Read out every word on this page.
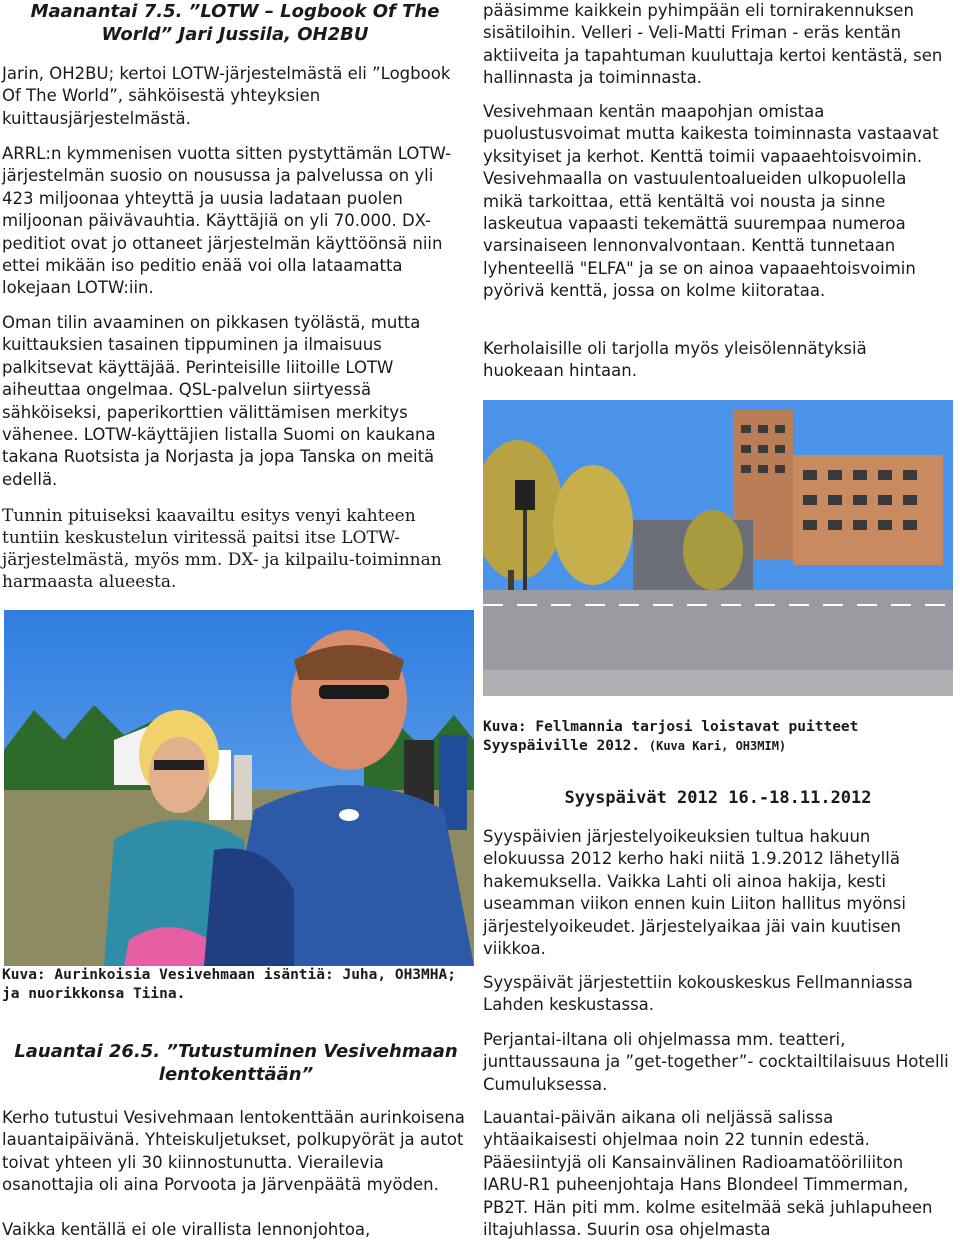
Maanantai 7.5. ”LOTW – Logbook Of The World” Jari Jussila, OH2BU

Jarin, OH2BU; kertoi LOTW-järjestelmästä eli ”Logbook Of The World”, sähköisestä yhteyksien kuittausjärjestelmästä.

ARRL:n kymmenisen vuotta sitten pystyttämän LOTW-järjestelmän suosio on nousussa ja palvelussa on yli 423 miljoonaa yhteyttä ja uusia ladataan puolen miljoonan päivävauhtia. Käyttäjiä on yli 70.000. DX-peditiot ovat jo ottaneet järjestelmän käyttöönsä niin ettei mikään iso peditio enää voi olla lataamatta lokejaan LOTW:iin.

Oman tilin avaaminen on pikkasen työlästä, mutta kuittauksien tasainen tippuminen ja ilmaisuus palkitsevat käyttäjää. Perinteisille liitoille LOTW aiheuttaa ongelmaa. QSL-palvelun siirtyessä sähköiseksi, paperikorttien välittämisen merkitys vähenee. LOTW-käyttäjien listalla Suomi on kaukana takana Ruotsista ja Norjasta ja jopa Tanska on meitä edellä.

Tunnin pituiseksi kaavailtu esitys venyi kahteen tuntiin keskustelun viritessä paitsi itse LOTW-järjestelmästä, myös mm. DX- ja kilpailu-toiminnan harmaasta alueesta.

Kuva: Aurinkoisia Vesivehmaan isäntiä: Juha, OH3MHA; ja nuorikkonsa Tiina.

Lauantai 26.5. ”Tutustuminen Vesivehmaan lentokenttään”

Kerho tutustui Vesivehmaan lentokenttään aurinkoisena lauantaipäivänä. Yhteiskuljetukset, polkupyörät ja autot toivat yhteen yli 30 kiinnostunutta. Vierailevia osanottajia oli aina Porvoota ja Järvenpäätä myöden.

Vaikka kentällä ei ole virallista lennonjohtoa,

pääsimme kaikkein pyhimpään eli tornirakennuksen sisätiloihin. Velleri - Veli-Matti Friman - eräs kentän aktiiveita ja tapahtuman kuuluttaja kertoi kentästä, sen hallinnasta ja toiminnasta.

Vesivehmaan kentän maapohjan omistaa puolustusvoimat mutta kaikesta toiminnasta vastaavat yksityiset ja kerhot. Kenttä toimii vapaaehtoisvoimin. Vesivehmaalla on vastuulentoalueiden ulkopuolella mikä tarkoittaa, että kentältä voi nousta ja sinne laskeutua vapaasti tekemättä suurempaa numeroa varsinaiseen lennonvalvontaan. Kenttä tunnetaan lyhenteellä "ELFA" ja se on ainoa vapaaehtoisvoimin pyörivä kenttä, jossa on kolme kiitorataa.

Kerholaisille oli tarjolla myös yleisölennätyksiä huokeaan hintaan.

Kuva: Fellmannia tarjosi loistavat puitteet Syyspäiville 2012. (Kuva Kari, OH3MIM)

Syyspäivät 2012 16.-18.11.2012

Syyspäivien järjestelyoikeuksien tultua hakuun elokuussa 2012 kerho haki niitä 1.9.2012 lähetyllä hakemuksella. Vaikka Lahti oli ainoa hakija, kesti useamman viikon ennen kuin Liiton hallitus myönsi järjestelyoikeudet. Järjestelyaikaa jäi vain kuutisen viikkoa.

Syyspäivät järjestettiin kokouskeskus Fellmanniassa Lahden keskustassa.

Perjantai-iltana oli ohjelmassa mm. teatteri, junttaussauna ja ”get-together”- cocktailtilaisuus Hotelli Cumuluksessa.

Lauantai-päivän aikana oli neljässä salissa yhtäaikaisesti ohjelmaa noin 22 tunnin edestä. Pääesiintyjä oli Kansainvälinen Radioamatööriliiton IARU-R1 puheenjohtaja Hans Blondeel Timmerman, PB2T. Hän piti mm. kolme esitelmää sekä juhlapuheen iltajuhlassa. Suurin osa ohjelmasta
